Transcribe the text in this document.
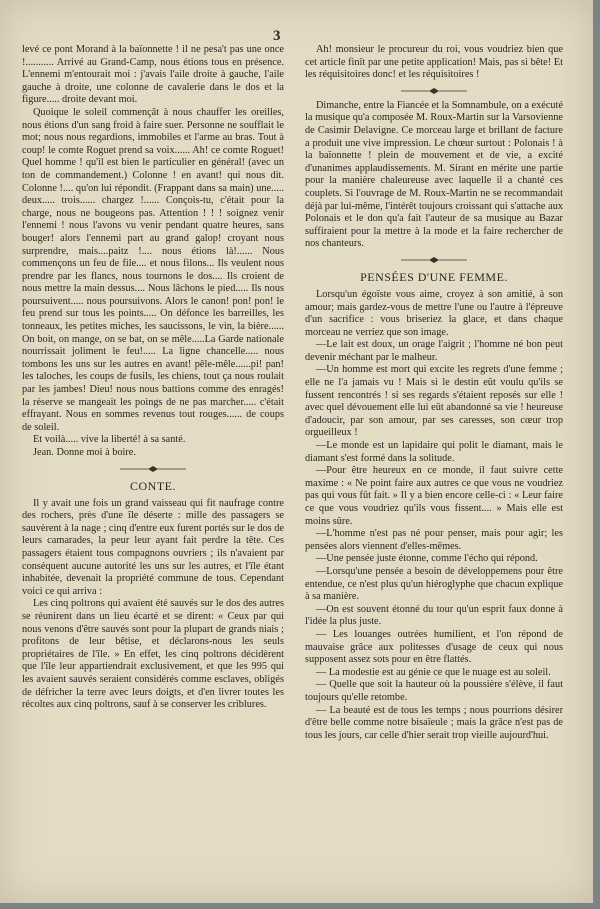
3

levé ce pont Morand à la baïonnette ! il ne pesa't pas une once !........... Arrivé au Grand-Camp, nous étions tous en présence. L'ennemi m'entourait moi : j'avais l'aile droite à gauche, l'aile gauche à droite, une colonne de cavalerie dans le dos et la figure..... droite devant moi.

Quoique le soleil commençât à nous chauffer les oreilles, nous étions d'un sang froid à faire suer. Personne ne soufflait le mot; nous nous regardions, immobiles et l'arme au bras. Tout à coup! le comte Roguet prend sa voix...... Ah! ce comte Roguet! Quel homme ! qu'il est bien le particulier en général! (avec un ton de commandement.) Colonne ! en avant! qui nous dit. Colonne !.... qu'on lui répondit. (Frappant dans sa main) une..... deux..... trois...... chargez !...... Conçois-tu, c'était pour la charge, nous ne bougeons pas. Attention ! ! ! soignez venir l'ennemi ! nous l'avons vu venir pendant quatre heures, sans bouger! alors l'ennemi part au grand galop! croyant nous surprendre, mais....paitz !.... nous étions là!...... Nous commençons un feu de file.... et nous filons... Ils veulent nous prendre par les flancs, nous tournons le dos.... Ils croient de nous mettre la main dessus.... Nous lâchons le pied..... Ils nous poursuivent..... nous poursuivons. Alors le canon! pon! pon! le feu prend sur tous les points..... On défonce les barreilles, les tonneaux, les petites miches, les saucissons, le vin, la bière...... On boit, on mange, on se bat, on se mêle.....La Garde nationale nourrissait joliment le feu!..... La ligne chancelle..... nous tombons les uns sur les autres en avant! pêle-mêle......pi! pan! les taloches, les coups de fusils, les chiens, tout ça nous roulait par les jambes! Dieu! nous nous battions comme des enragés! la réserve se mangeait les poings de ne pas marcher..... c'était effrayant. Nous en sommes revenus tout rouges...... de coups de soleil.

Et voilà..... vive la liberté! à sa santé.

Jean. Donne moi à boire.

CONTE.

Il y avait une fois un grand vaisseau qui fit naufrage contre des rochers, près d'une île déserte : mille des passagers se sauvèrent à la nage ; cinq d'entre eux furent portés sur le dos de leurs camarades, la peur leur ayant fait perdre la tête. Ces passagers étaient tous compagnons ouvriers ; ils n'avaient par conséquent aucune autorité les uns sur les autres, et l'île étant inhabitée, devenait la propriété commune de tous. Cependant voici ce qui arriva :

Les cinq poltrons qui avaient été sauvés sur le dos des autres se réunirent dans un lieu écarté et se dirent: « Ceux par qui nous venons d'être sauvés sont pour la plupart de grands niais ; profitons de leur bêtise, et déclarons-nous les seuls propriétaires de l'île. » En effet, les cinq poltrons décidèrent que l'île leur appartiendrait exclusivement, et que les 995 qui les avaient sauvés seraient considérés comme esclaves, obligés de défricher la terre avec leurs doigts, et d'en livrer toutes les récoltes aux cinq poltrons, sauf à se conserver les criblures.

Ah! monsieur le procureur du roi, vous voudriez bien que cet article finît par une petite application! Mais, pas si bête! Et les réquisitoires donc! et les réquisitoires !

Dimanche, entre la Fiancée et la Somnambule, on a exécuté la musique qu'a composée M. Roux-Martin sur la Varsovienne de Casimir Delavigne. Ce morceau large et brillant de facture a produit une vive impression. Le chœur surtout : Polonais ! à la baïonnette ! plein de mouvement et de vie, a excité d'unanimes applaudissements. M. Sirant en mérite une partie pour la manière chaleureuse avec laquelle il a chanté ces couplets. Si l'ouvrage de M. Roux-Martin ne se recommandait déjà par lui-même, l'intérêt toujours croissant qui s'attache aux Polonais et le don qu'a fait l'auteur de sa musique au Bazar suffiraient pour la mettre à la mode et la faire rechercher de nos chanteurs.

PENSÉES D'UNE FEMME.

Lorsqu'un égoïste vous aime, croyez à son amitié, à son amour; mais gardez-vous de mettre l'une ou l'autre à l'épreuve d'un sacrifice : vous briseriez la glace, et dans chaque morceau ne verriez que son image.

—Le lait est doux, un orage l'aigrit ; l'homme né bon peut devenir méchant par le malheur.

—Un homme est mort qui excite les regrets d'une femme ; elle ne l'a jamais vu ! Mais si le destin eût voulu qu'ils se fussent rencontrés ! si ses regards s'étaient reposés sur elle ! avec quel dévouement elle lui eût abandonné sa vie ! heureuse d'adoucir, par son amour, par ses caresses, son cœur trop orgueilleux !

—Le monde est un lapidaire qui polit le diamant, mais le diamant s'est formé dans la solitude.

—Pour être heureux en ce monde, il faut suivre cette maxime : « Ne point faire aux autres ce que vous ne voudriez pas qui vous fût fait. » Il y a bien encore celle-ci : « Leur faire ce que vous voudriez qu'ils vous fissent.... » Mais elle est moins sûre.

—L'homme n'est pas né pour penser, mais pour agir; les pensées alors viennent d'elles-mêmes.

—Une pensée juste étonne, comme l'écho qui répond.

—Lorsqu'une pensée a besoin de développemens pour être entendue, ce n'est plus qu'un hiéroglyphe que chacun explique à sa manière.

—On est souvent étonné du tour qu'un esprit faux donne à l'idée la plus juste.

— Les louanges outrées humilient, et l'on répond de mauvaise grâce aux politesses d'usage de ceux qui nous supposent assez sots pour en être flattés.

— La modestie est au génie ce que le nuage est au soleil.

— Quelle que soit la hauteur où la poussière s'élève, il faut toujours qu'elle retombe.

— La beauté est de tous les temps ; nous pourrions désirer d'être belle comme notre bisaïeule ; mais la grâce n'est pas de tous les jours, car celle d'hier serait trop vieille aujourd'hui.
